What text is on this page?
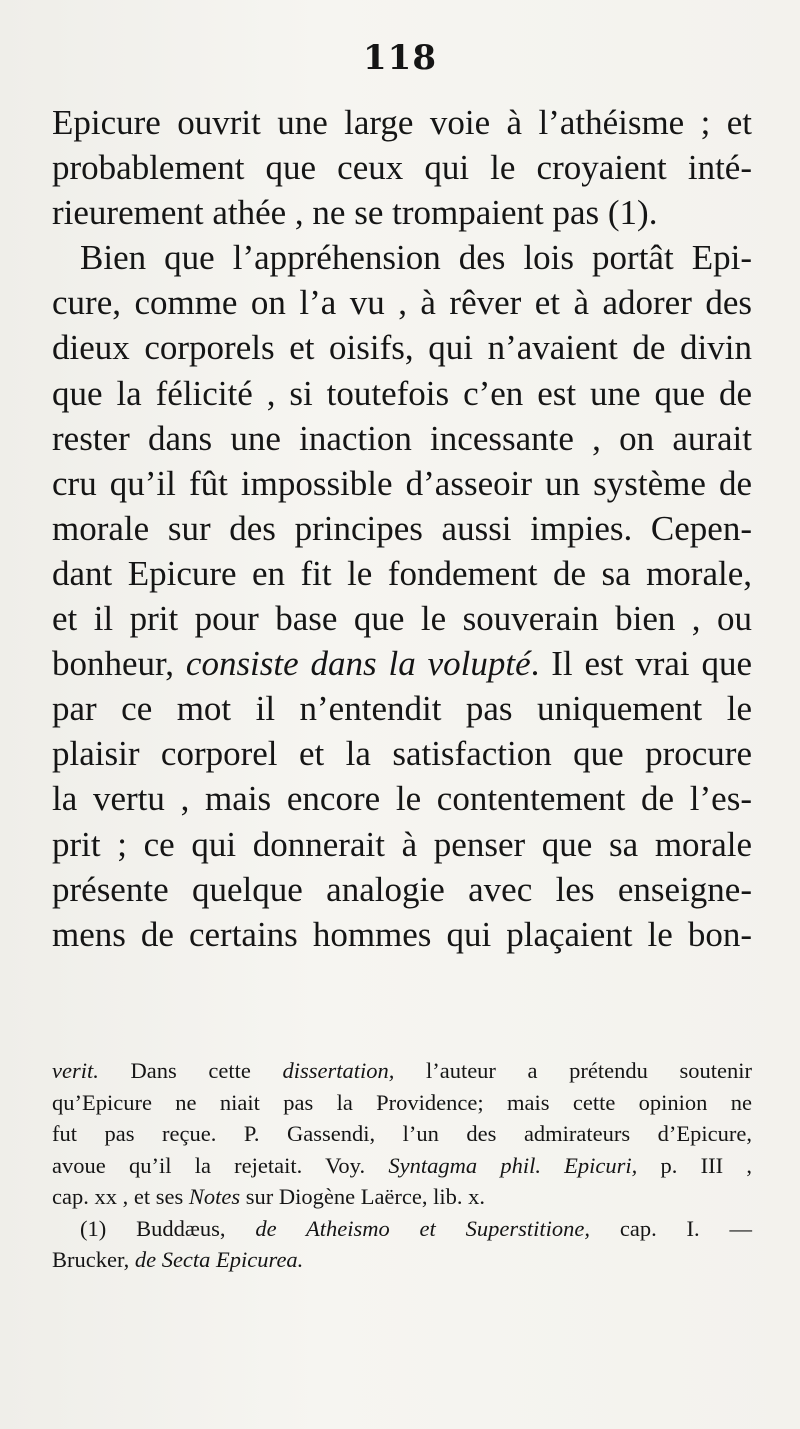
118
Epicure ouvrit une large voie à l’athéisme ; et
probablement que ceux qui le croyaient inté-
rieurement athée , ne se trompaient pas (1).
Bien que l’appréhension des lois portât Epi-
cure, comme on l’a vu , à rêver et à adorer des
dieux corporels et oisifs, qui n’avaient de divin
que la félicité , si toutefois c’en est une que de
rester dans une inaction incessante , on aurait
cru qu’il fût impossible d’asseoir un système de
morale sur des principes aussi impies. Cepen-
dant Epicure en fit le fondement de sa morale,
et il prit pour base que le souverain bien , ou
bonheur, consiste dans la volupté. Il est vrai que
par ce mot il n’entendit pas uniquement le
plaisir corporel et la satisfaction que procure
la vertu , mais encore le contentement de l’es-
prit ; ce qui donnerait à penser que sa morale
présente quelque analogie avec les enseigne-
mens de certains hommes qui plaçaient le bon-
verit. Dans cette dissertation, l’auteur a prétendu soutenir
qu’Epicure ne niait pas la Providence; mais cette opinion ne
fut pas reçue. P. Gassendi, l’un des admirateurs d’Epicure,
avoue qu’il la rejetait. Voy. Syntagma phil. Epicuri, p. III ,
cap. xx , et ses Notes sur Diogène Laërce, lib. x.
(1) Buddæus, de Atheismo et Superstitione, cap. I. —
Brucker, de Secta Epicurea.
